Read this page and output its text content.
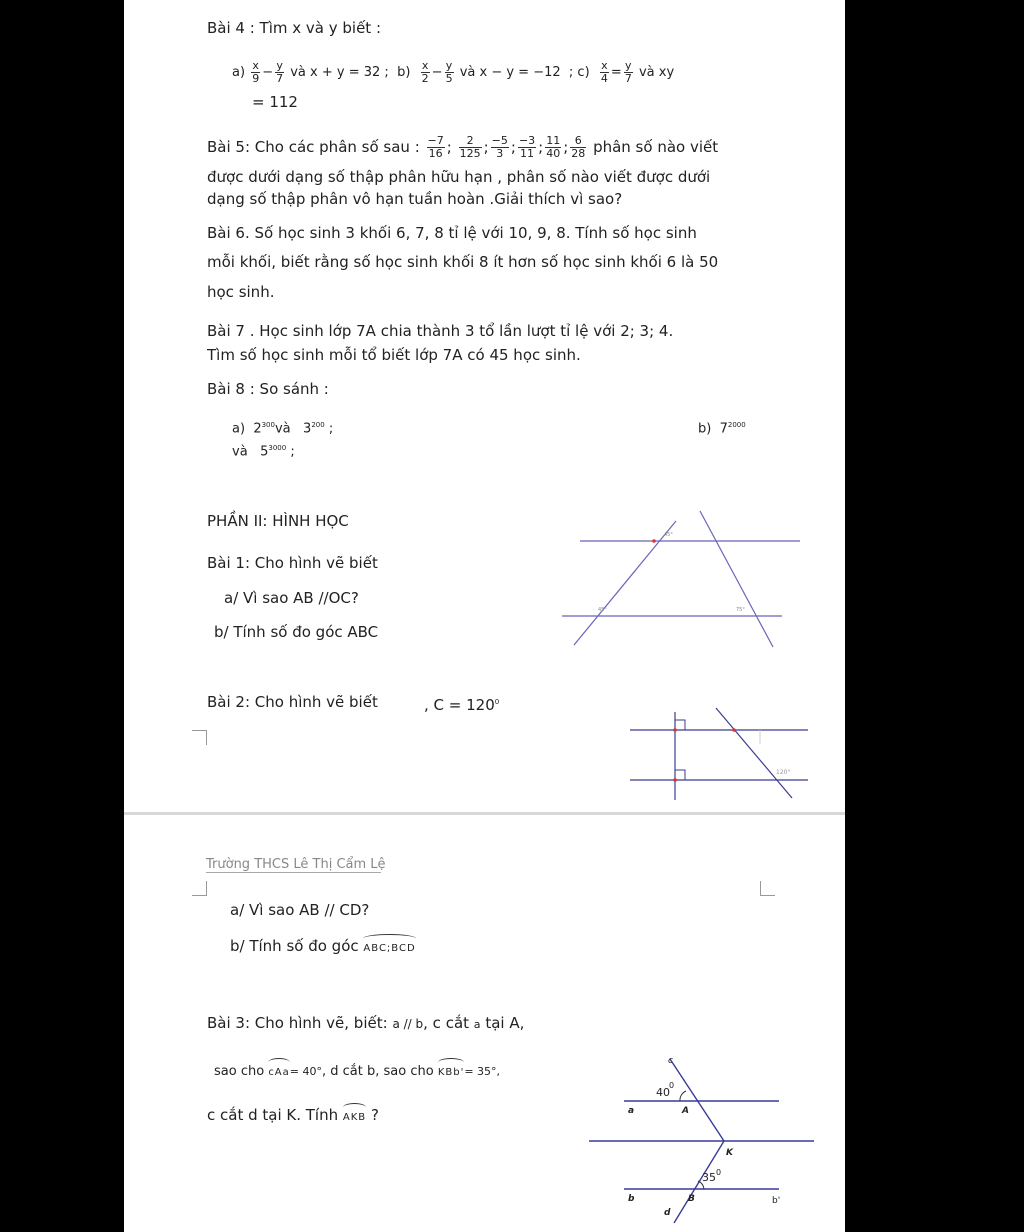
Bài 4 : Tìm x và y biết :
$a) \frac{x}{9} - \frac{y}{7}$ và x + y = 32 ; $b) \frac{x}{2} - \frac{y}{5}$ và x − y = −12 ; $c) \frac{x}{4} = \frac{y}{7}$ và xy
= 112
Bài 5: Cho các phân số sau : $\frac{-7}{16}$ ; $\frac{2}{125}$ ; $\frac{-5}{3}$ ; $\frac{-3}{11}$ ; $\frac{11}{40}$ ; $\frac{6}{28}$ phân số nào viết
được dưới dạng số thập phân hữu hạn , phân số nào viết được dưới
dạng số thập phân vô hạn tuần hoàn .Giải thích vì sao?
Bài 6. Số học sinh 3 khối 6, 7, 8 tỉ lệ với 10, 9, 8. Tính số học sinh
mỗi khối, biết rằng số học sinh khối 8 ít hơn số học sinh khối 6 là 50
học sinh.
Bài 7 . Học sinh lớp 7A chia thành 3 tổ lần lượt tỉ lệ với 2; 3; 4.
Tìm số học sinh mỗi tổ biết lớp 7A có 45 học sinh.
Bài 8 : So sánh :
a) $2^{300}và$ $3^{200}$ ;	b) $7^{2000}$
và $5^{3000}$ ;
PHẦN II: HÌNH HỌC
Bài 1: Cho hình vẽ biết
a/ Vì sao AB //OC?
b/ Tính số đo góc ABC
45°
45°	75°
Bài 2: Cho hình vẽ biết	, $C = 120^0$
120°
Trường THCS Lê Thị Cẩm Lệ
a/ Vì sao AB // CD?
b/ Tính số đo góc ABC;BCD
Bài 3: Cho hình vẽ, biết: a // b, c cắt a tại A,
sao cho cAa= 40°, d cắt b, sao cho KBb'= 35°,
c cắt d tại K. Tính AKB ?
c
40
0
a	A
K
35 0
b	B	b'
d
